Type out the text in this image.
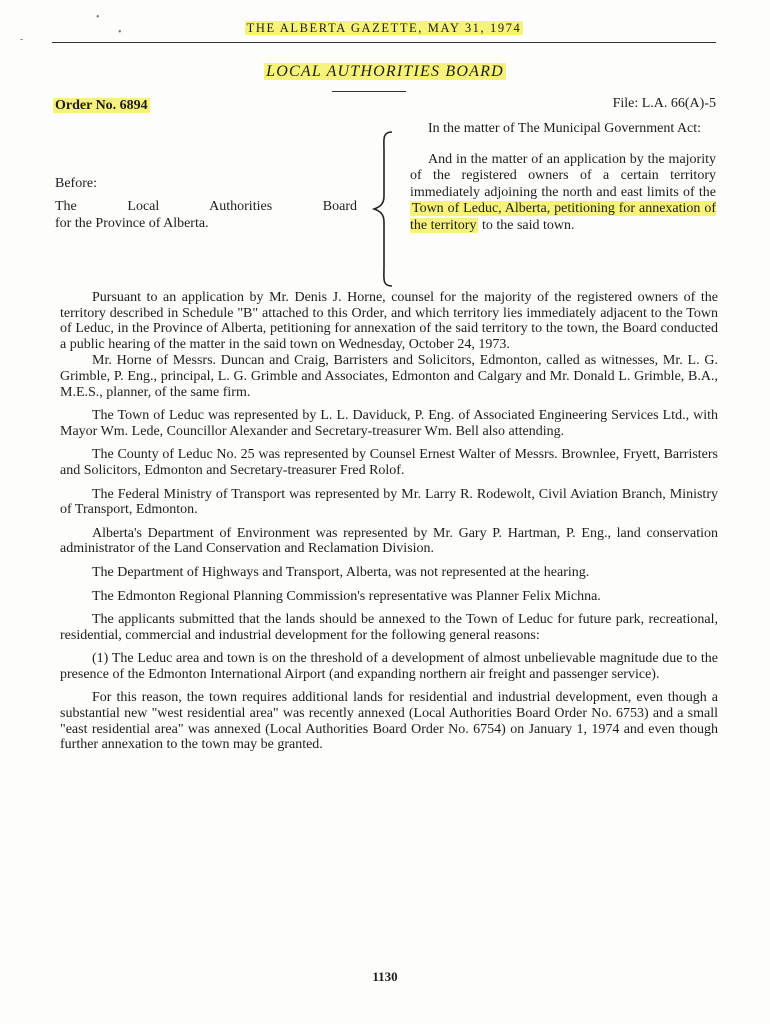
•
-
•	THE ALBERTA GAZETTE, MAY 31, 1974
LOCAL AUTHORITIES BOARD
Order No. 6894	File: L.A. 66(A)-5
Before:
The Local Authorities Board
for the Province of Alberta.

In the matter of The Municipal Government Act:

And in the matter of an application by the majority of the registered owners of a certain territory immediately adjoining the north and east limits of the Town of Leduc, Alberta, petitioning for annexation of the territory to the said town.

Pursuant to an application by Mr. Denis J. Horne, counsel for the majority of the registered owners of the territory described in Schedule "B" attached to this Order, and which territory lies immediately adjacent to the Town of Leduc, in the Province of Alberta, petitioning for annexation of the said territory to the town, the Board conducted a public hearing of the matter in the said town on Wednesday, October 24, 1973.

Mr. Horne of Messrs. Duncan and Craig, Barristers and Solicitors, Edmonton, called as witnesses, Mr. L. G. Grimble, P. Eng., principal, L. G. Grimble and Associates, Edmonton and Calgary and Mr. Donald L. Grimble, B.A., M.E.S., planner, of the same firm.

The Town of Leduc was represented by L. L. Daviduck, P. Eng. of Associated Engineering Services Ltd., with Mayor Wm. Lede, Councillor Alexander and Secretary-treasurer Wm. Bell also attending.

The County of Leduc No. 25 was represented by Counsel Ernest Walter of Messrs. Brownlee, Fryett, Barristers and Solicitors, Edmonton and Secretary-treasurer Fred Rolof.

The Federal Ministry of Transport was represented by Mr. Larry R. Rodewolt, Civil Aviation Branch, Ministry of Transport, Edmonton.

Alberta's Department of Environment was represented by Mr. Gary P. Hartman, P. Eng., land conservation administrator of the Land Conservation and Reclamation Division.

The Department of Highways and Transport, Alberta, was not represented at the hearing.

The Edmonton Regional Planning Commission's representative was Planner Felix Michna.

The applicants submitted that the lands should be annexed to the Town of Leduc for future park, recreational, residential, commercial and industrial development for the following general reasons:

(1) The Leduc area and town is on the threshold of a development of almost unbelievable magnitude due to the presence of the Edmonton International Airport (and expanding northern air freight and passenger service).

For this reason, the town requires additional lands for residential and industrial development, even though a substantial new "west residential area" was recently annexed (Local Authorities Board Order No. 6753) and a small "east residential area" was annexed (Local Authorities Board Order No. 6754) on January 1, 1974 and even though further annexation to the town may be granted.

1130
